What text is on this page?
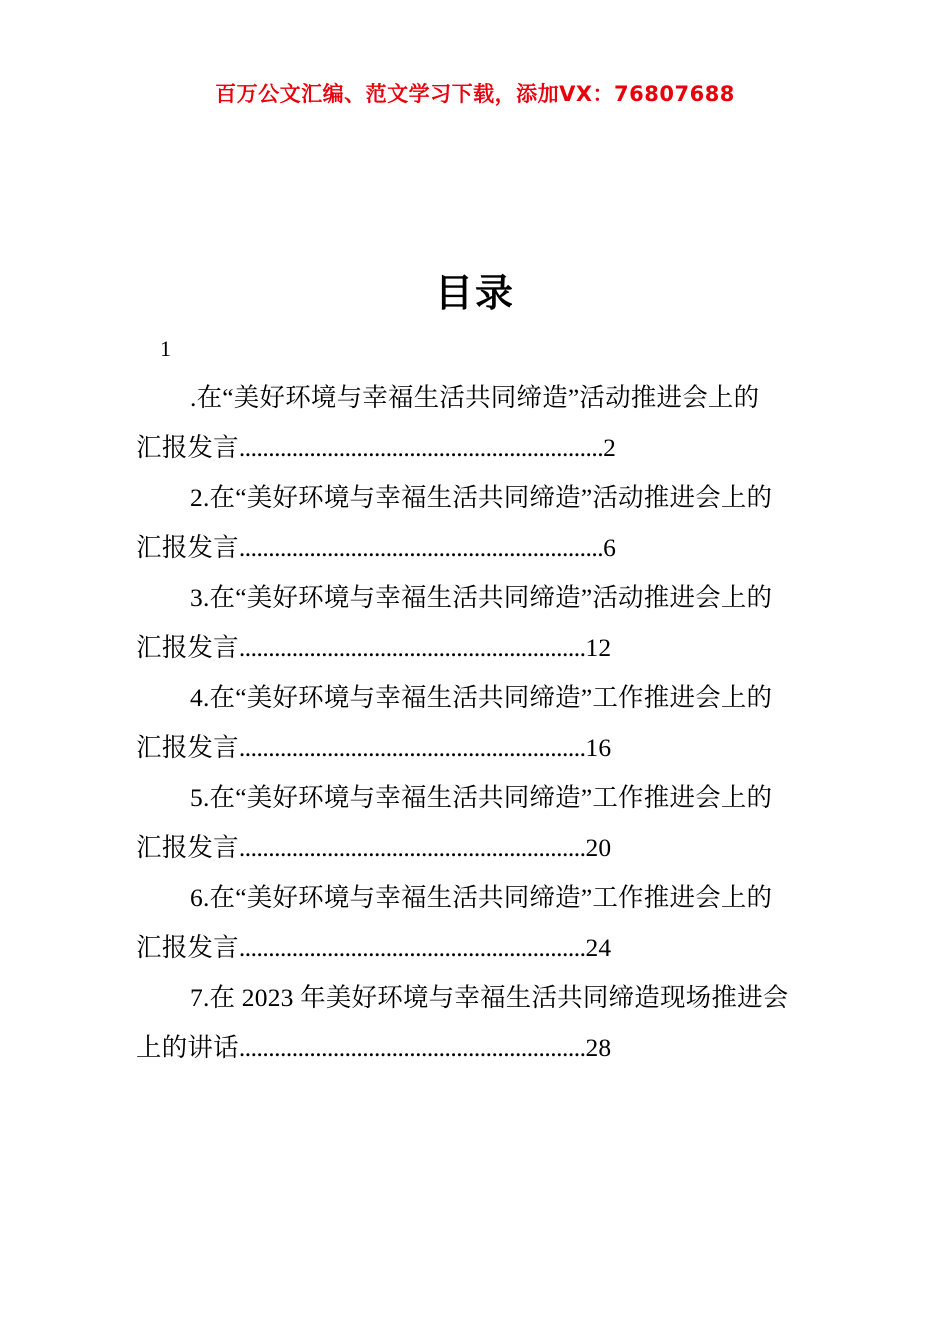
百万公文汇编、范文学习下载，添加VX：76807688
目录
1
.在“美好环境与幸福生活共同缔造”活动推进会上的
汇报发言..............................................................2
2.在“美好环境与幸福生活共同缔造”活动推进会上的
汇报发言..............................................................6
3.在“美好环境与幸福生活共同缔造”活动推进会上的
汇报发言...........................................................12
4.在“美好环境与幸福生活共同缔造”工作推进会上的
汇报发言...........................................................16
5.在“美好环境与幸福生活共同缔造”工作推进会上的
汇报发言...........................................................20
6.在“美好环境与幸福生活共同缔造”工作推进会上的
汇报发言...........................................................24
7.在 2023 年美好环境与幸福生活共同缔造现场推进会
上的讲话...........................................................28
